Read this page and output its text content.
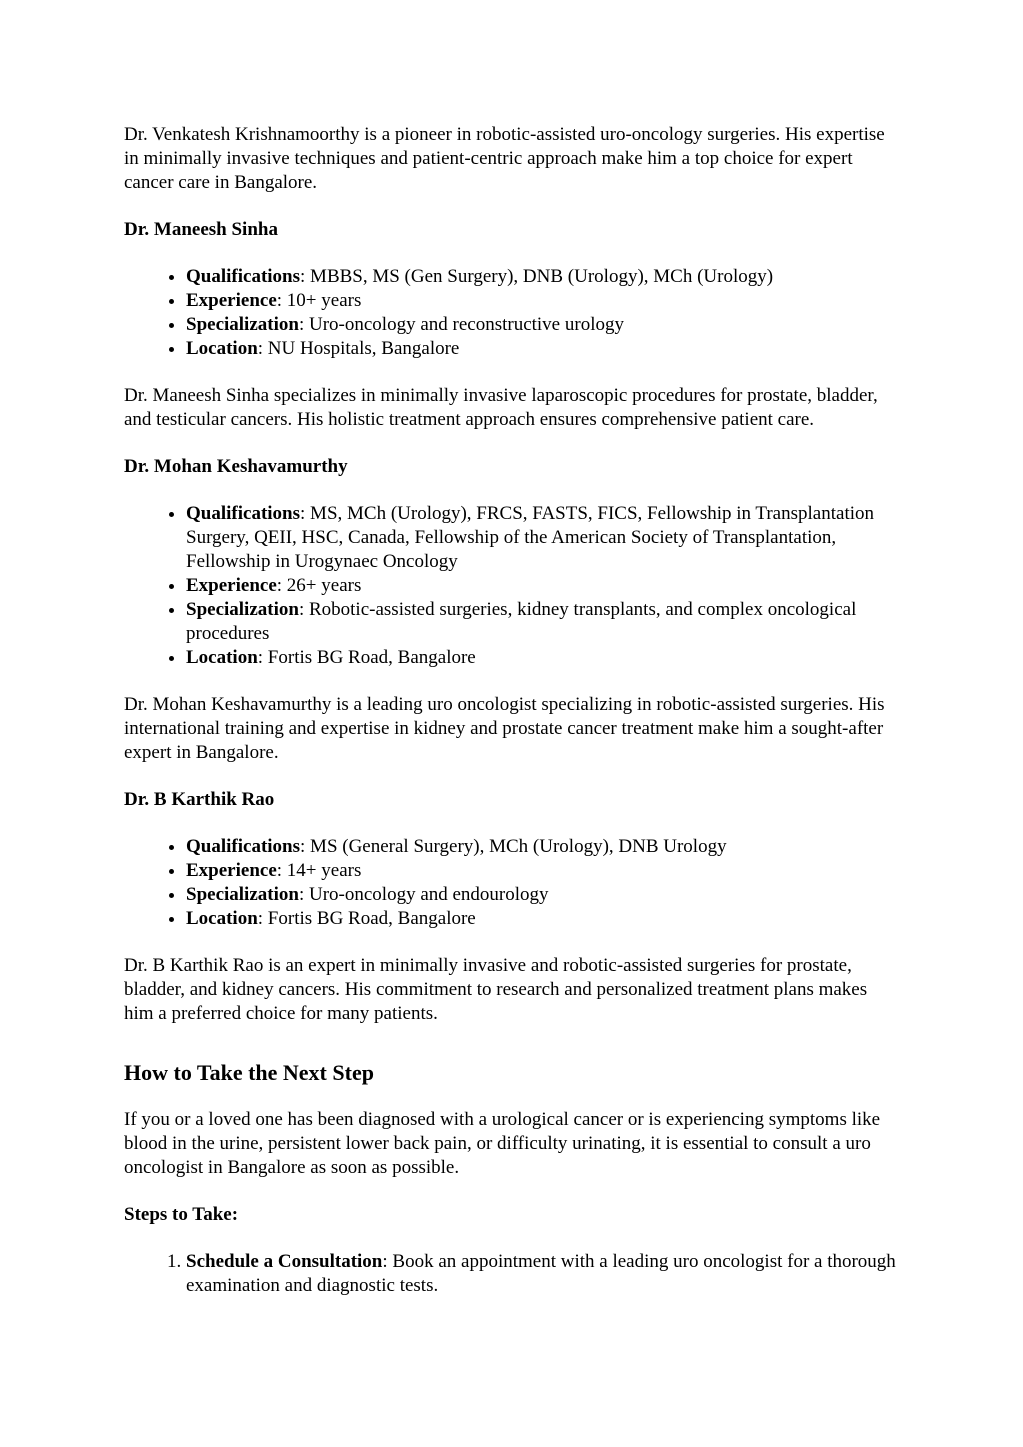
Dr. Venkatesh Krishnamoorthy is a pioneer in robotic-assisted uro-oncology surgeries. His expertise in minimally invasive techniques and patient-centric approach make him a top choice for expert cancer care in Bangalore.

Dr. Maneesh Sinha
• Qualifications: MBBS, MS (Gen Surgery), DNB (Urology), MCh (Urology)
• Experience: 10+ years
• Specialization: Uro-oncology and reconstructive urology
• Location: NU Hospitals, Bangalore

Dr. Maneesh Sinha specializes in minimally invasive laparoscopic procedures for prostate, bladder, and testicular cancers. His holistic treatment approach ensures comprehensive patient care.

Dr. Mohan Keshavamurthy
• Qualifications: MS, MCh (Urology), FRCS, FASTS, FICS, Fellowship in Transplantation Surgery, QEII, HSC, Canada, Fellowship of the American Society of Transplantation, Fellowship in Urogynaec Oncology
• Experience: 26+ years
• Specialization: Robotic-assisted surgeries, kidney transplants, and complex oncological procedures
• Location: Fortis BG Road, Bangalore

Dr. Mohan Keshavamurthy is a leading uro oncologist specializing in robotic-assisted surgeries. His international training and expertise in kidney and prostate cancer treatment make him a sought-after expert in Bangalore.

Dr. B Karthik Rao
• Qualifications: MS (General Surgery), MCh (Urology), DNB Urology
• Experience: 14+ years
• Specialization: Uro-oncology and endourology
• Location: Fortis BG Road, Bangalore

Dr. B Karthik Rao is an expert in minimally invasive and robotic-assisted surgeries for prostate, bladder, and kidney cancers. His commitment to research and personalized treatment plans makes him a preferred choice for many patients.

How to Take the Next Step

If you or a loved one has been diagnosed with a urological cancer or is experiencing symptoms like blood in the urine, persistent lower back pain, or difficulty urinating, it is essential to consult a uro oncologist in Bangalore as soon as possible.

Steps to Take:
1. Schedule a Consultation: Book an appointment with a leading uro oncologist for a thorough examination and diagnostic tests.
